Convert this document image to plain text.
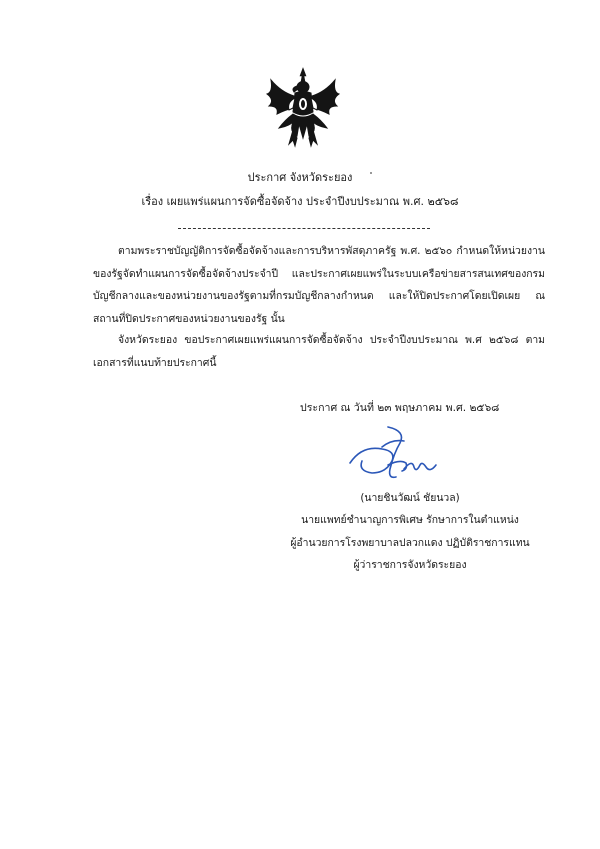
ประกาศ จังหวัดระยอง
เรื่อง เผยแพร่แผนการจัดซื้อจัดจ้าง ประจำปีงบประมาณ พ.ศ. ๒๕๖๘
ตามพระราชบัญญัติการจัดซื้อจัดจ้างและการบริหารพัสดุภาครัฐ พ.ศ. ๒๕๖๐ กำหนดให้หน่วยงานของรัฐจัดทำแผนการจัดซื้อจัดจ้างประจำปี และประกาศเผยแพร่ในระบบเครือข่ายสารสนเทศของกรมบัญชีกลางและของหน่วยงานของรัฐตามที่กรมบัญชีกลางกำหนด และให้ปิดประกาศโดยเปิดเผย ณ สถานที่ปิดประกาศของหน่วยงานของรัฐ นั้น
จังหวัดระยอง ขอประกาศเผยแพร่แผนการจัดซื้อจัดจ้าง ประจำปีงบประมาณ พ.ศ ๒๕๖๘ ตามเอกสารที่แนบท้ายประกาศนี้
ประกาศ ณ วันที่ ๒๓ พฤษภาคม พ.ศ. ๒๕๖๘
(นายชินวัฒน์ ชัยนวล)
นายแพทย์ชำนาญการพิเศษ รักษาการในตำแหน่ง
ผู้อำนวยการโรงพยาบาลปลวกแดง ปฏิบัติราชการแทน
ผู้ว่าราชการจังหวัดระยอง
